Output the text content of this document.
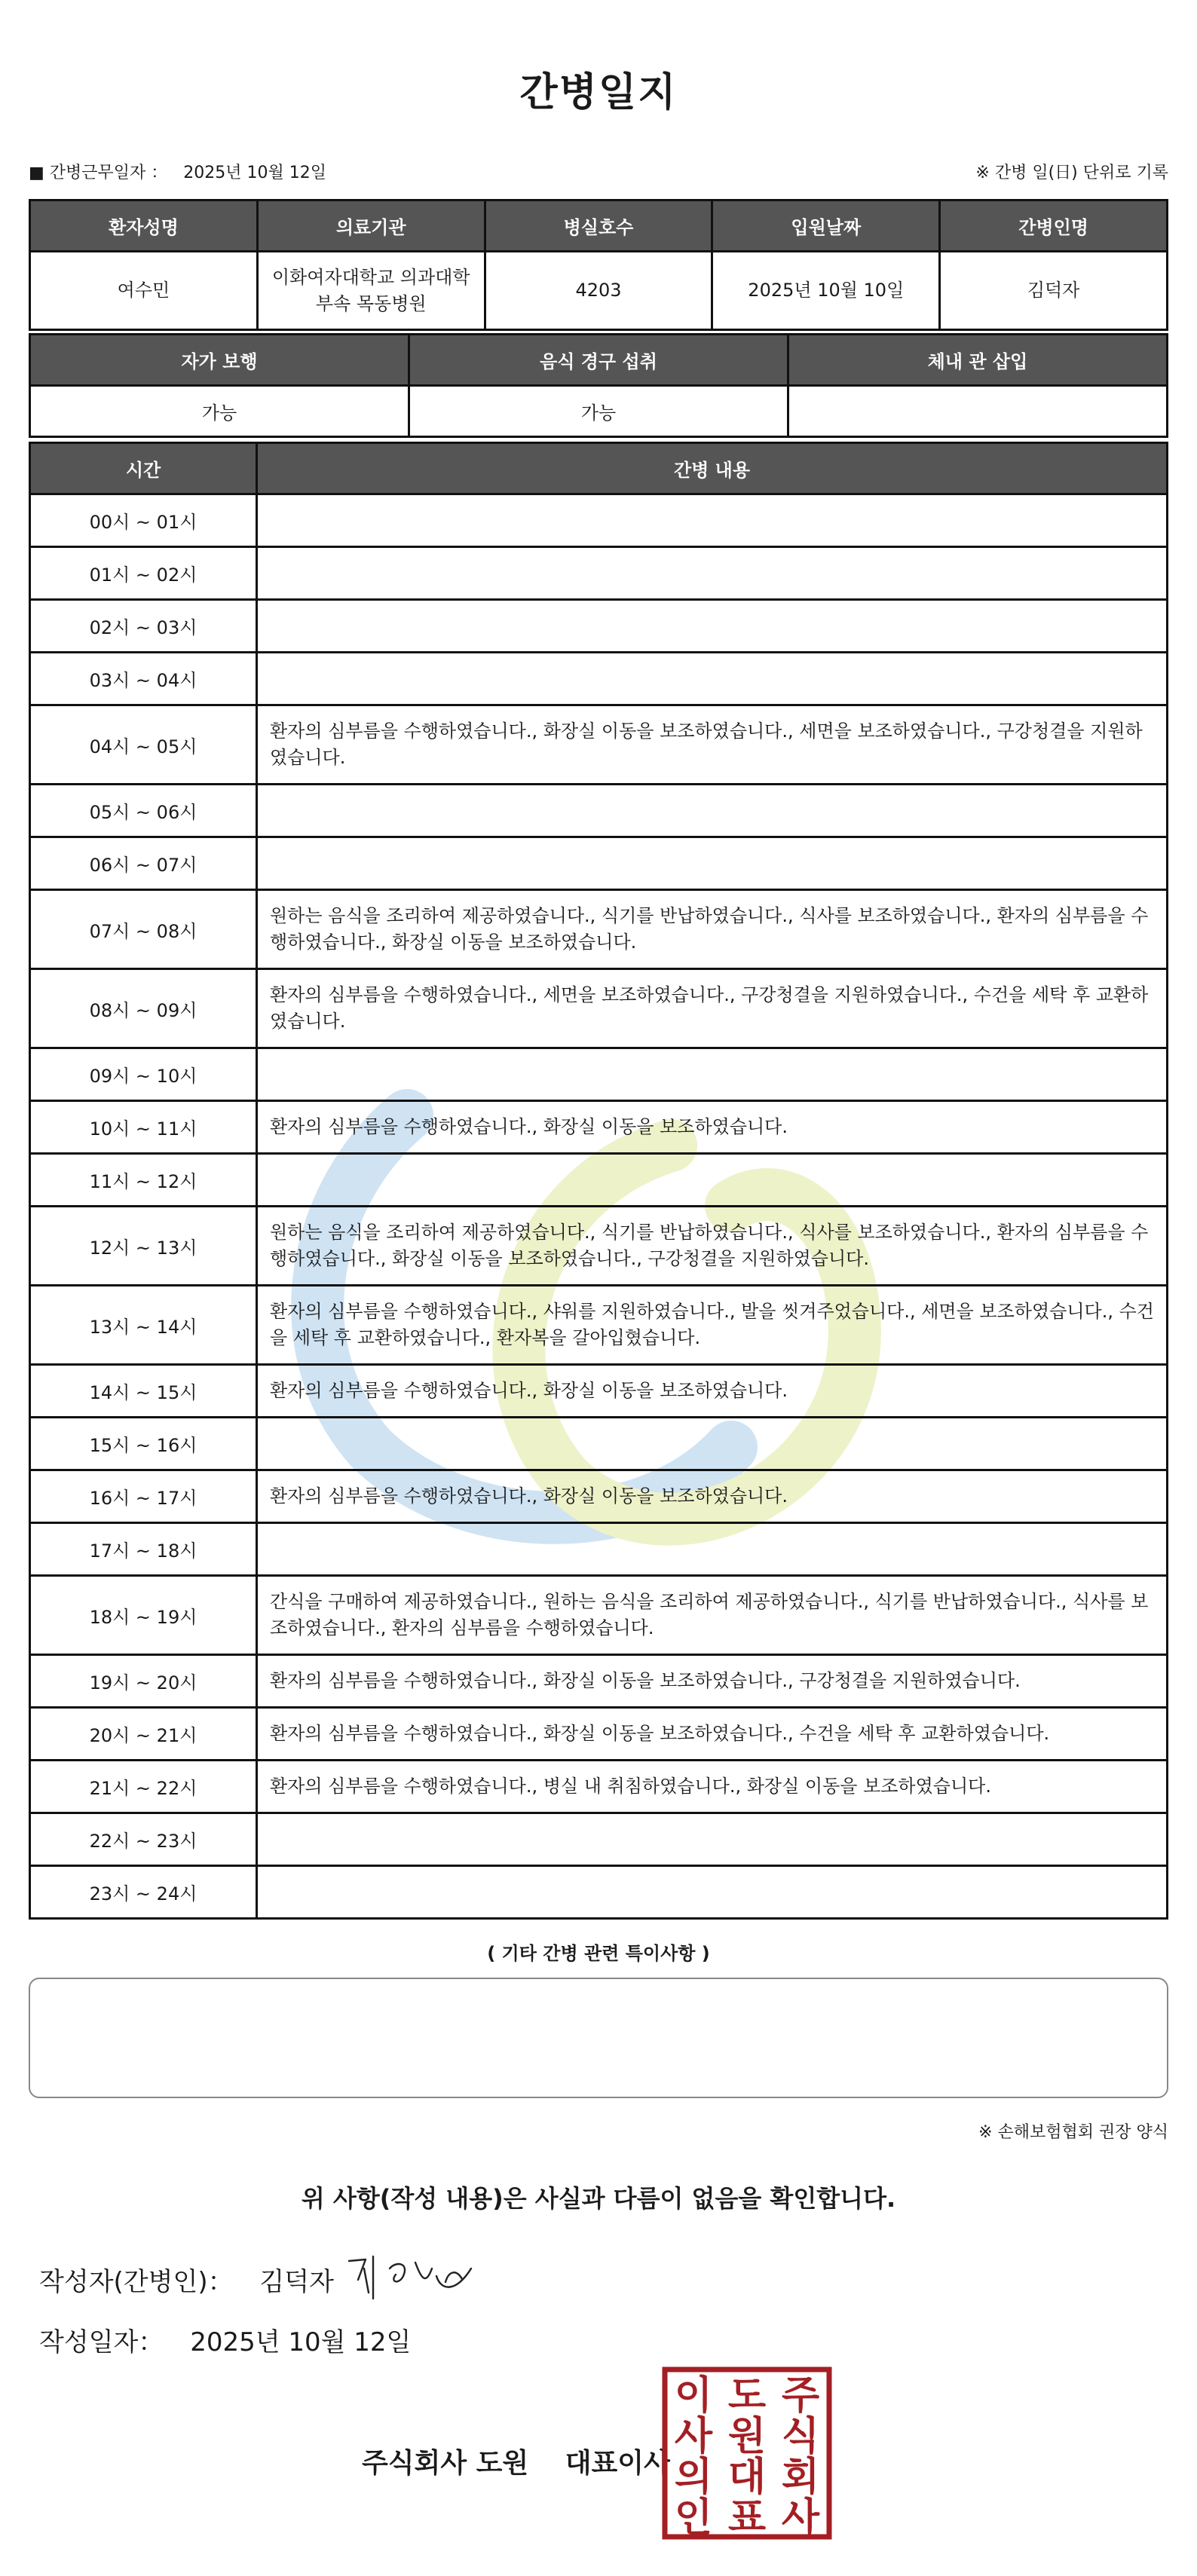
간병일지
■ 간병근무일자 ： 2025년 10월 12일	※ 간병 일(日) 단위로 기록
환자성명	의료기관	병실호수	입원날짜	간병인명
여수민	이화여자대학교 의과대학
부속 목동병원	4203	2025년 10월 10일	김덕자
자가 보행	음식 경구 섭취	체내 관 삽입
가능	가능	
시간	간병 내용
00시 ~ 01시	
01시 ~ 02시	
02시 ~ 03시	
03시 ~ 04시	
04시 ~ 05시	환자의 심부름을 수행하였습니다., 화장실 이동을 보조하였습니다., 세면을 보조하였습니다., 구강청결을 지원하였습니다.
05시 ~ 06시	
06시 ~ 07시	
07시 ~ 08시	원하는 음식을 조리하여 제공하였습니다., 식기를 반납하였습니다., 식사를 보조하였습니다., 환자의 심부름을 수행하였습니다., 화장실 이동을 보조하였습니다.
08시 ~ 09시	환자의 심부름을 수행하였습니다., 세면을 보조하였습니다., 구강청결을 지원하였습니다., 수건을 세탁 후 교환하였습니다.
09시 ~ 10시	
10시 ~ 11시	환자의 심부름을 수행하였습니다., 화장실 이동을 보조하였습니다.
11시 ~ 12시	
12시 ~ 13시	원하는 음식을 조리하여 제공하였습니다., 식기를 반납하였습니다., 식사를 보조하였습니다., 환자의 심부름을 수행하였습니다., 화장실 이동을 보조하였습니다., 구강청결을 지원하였습니다.
13시 ~ 14시	환자의 심부름을 수행하였습니다., 샤워를 지원하였습니다., 발을 씻겨주었습니다., 세면을 보조하였습니다., 수건을 세탁 후 교환하였습니다., 환자복을 갈아입혔습니다.
14시 ~ 15시	환자의 심부름을 수행하였습니다., 화장실 이동을 보조하였습니다.
15시 ~ 16시	
16시 ~ 17시	환자의 심부름을 수행하였습니다., 화장실 이동을 보조하였습니다.
17시 ~ 18시	
18시 ~ 19시	간식을 구매하여 제공하였습니다., 원하는 음식을 조리하여 제공하였습니다., 식기를 반납하였습니다., 식사를 보조하였습니다., 환자의 심부름을 수행하였습니다.
19시 ~ 20시	환자의 심부름을 수행하였습니다., 화장실 이동을 보조하였습니다., 구강청결을 지원하였습니다.
20시 ~ 21시	환자의 심부름을 수행하였습니다., 화장실 이동을 보조하였습니다., 수건을 세탁 후 교환하였습니다.
21시 ~ 22시	환자의 심부름을 수행하였습니다., 병실 내 취침하였습니다., 화장실 이동을 보조하였습니다.
22시 ~ 23시	
23시 ~ 24시	
( 기타 간병 관련 특이사항 )
※ 손해보험협회 권장 양식
위 사항(작성 내용)은 사실과 다름이 없음을 확인합니다.
작성자(간병인)： 김덕자
작성일자： 2025년 10월 12일
주식회사 도원 대표이사
주
식
회
사
도
원
대
표
이
사
의
인
